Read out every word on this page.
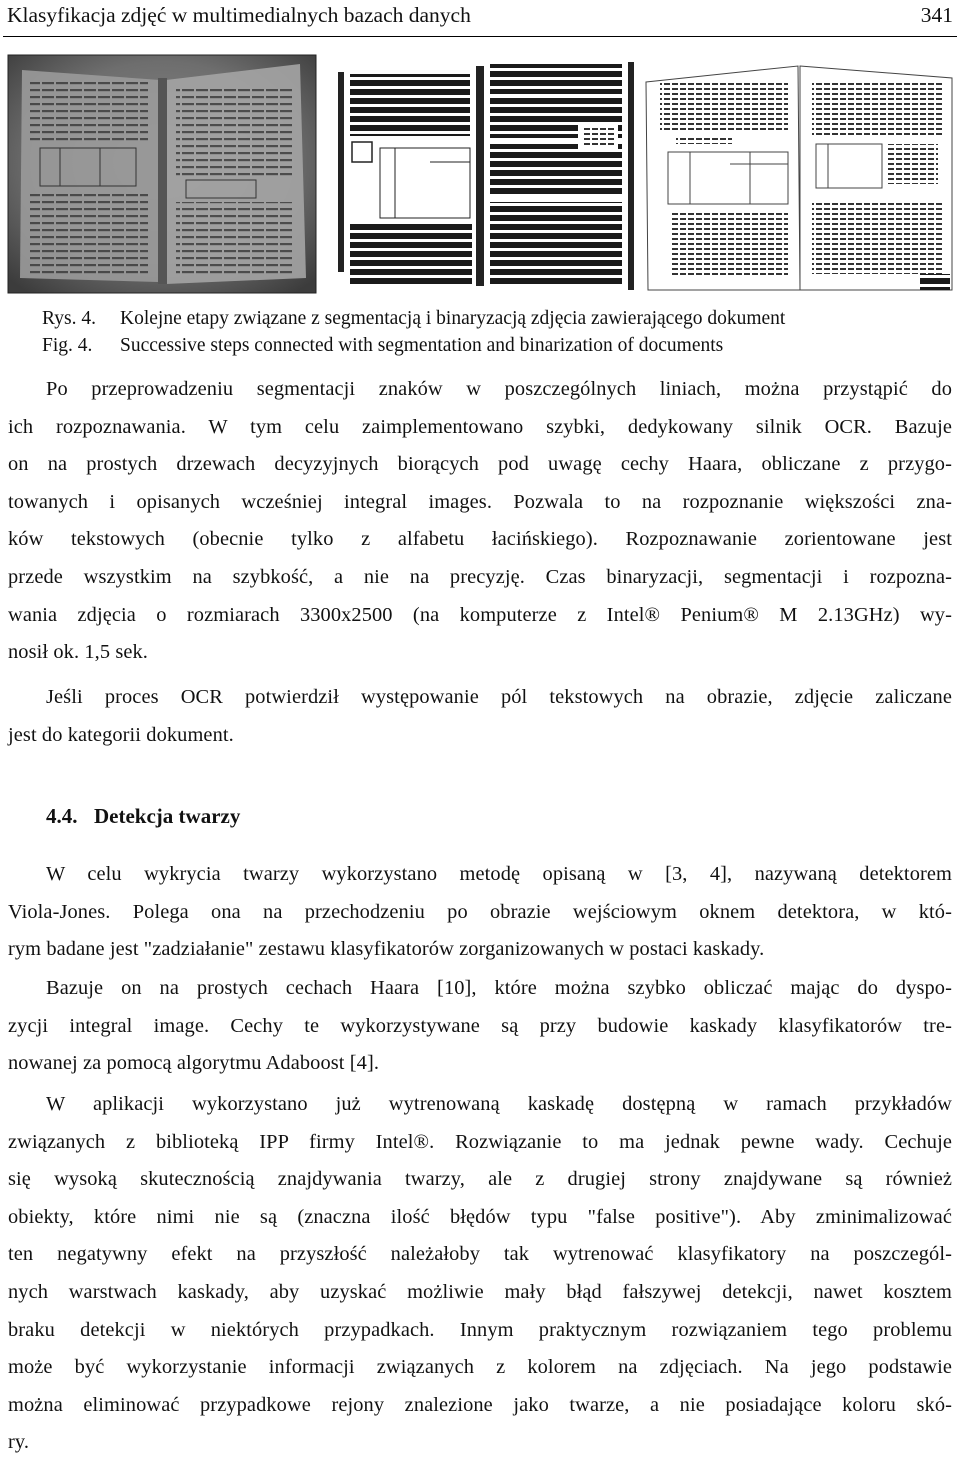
Klasyfikacja zdjęć w multimedialnych bazach danych	341
Rys. 4. Kolejne etapy związane z segmentacją i binaryzacją zdjęcia zawierającego dokument
Fig. 4. Successive steps connected with segmentation and binarization of documents
Po przeprowadzeniu segmentacji znaków w poszczególnych liniach, można przystąpić do
ich rozpoznawania. W tym celu zaimplementowano szybki, dedykowany silnik OCR. Bazuje
on na prostych drzewach decyzyjnych biorących pod uwagę cechy Haara, obliczane z przygo-
towanych i opisanych wcześniej integral images. Pozwala to na rozpoznanie większości zna-
ków tekstowych (obecnie tylko z alfabetu łacińskiego). Rozpoznawanie zorientowane jest
przede wszystkim na szybkość, a nie na precyzję. Czas binaryzacji, segmentacji i rozpozna-
wania zdjęcia o rozmiarach 3300x2500 (na komputerze z Intel® Penium® M 2.13GHz) wy-
nosił ok. 1,5 sek.
Jeśli proces OCR potwierdził występowanie pól tekstowych na obrazie, zdjęcie zaliczane
jest do kategorii dokument.
4.4. Detekcja twarzy
W celu wykrycia twarzy wykorzystano metodę opisaną w [3, 4], nazywaną detektorem
Viola-Jones. Polega ona na przechodzeniu po obrazie wejściowym oknem detektora, w któ-
rym badane jest "zadziałanie" zestawu klasyfikatorów zorganizowanych w postaci kaskady.
Bazuje on na prostych cechach Haara [10], które można szybko obliczać mając do dyspo-
zycji integral image. Cechy te wykorzystywane są przy budowie kaskady klasyfikatorów tre-
nowanej za pomocą algorytmu Adaboost [4].
W aplikacji wykorzystano już wytrenowaną kaskadę dostępną w ramach przykładów
związanych z biblioteką IPP firmy Intel®. Rozwiązanie to ma jednak pewne wady. Cechuje
się wysoką skutecznością znajdywania twarzy, ale z drugiej strony znajdywane są również
obiekty, które nimi nie są (znaczna ilość błędów typu "false positive"). Aby zminimalizować
ten negatywny efekt na przyszłość należałoby tak wytrenować klasyfikatory na poszczegól-
nych warstwach kaskady, aby uzyskać możliwie mały błąd fałszywej detekcji, nawet kosztem
braku detekcji w niektórych przypadkach. Innym praktycznym rozwiązaniem tego problemu
może być wykorzystanie informacji związanych z kolorem na zdjęciach. Na jego podstawie
można eliminować przypadkowe rejony znalezione jako twarze, a nie posiadające koloru skó-
ry.
